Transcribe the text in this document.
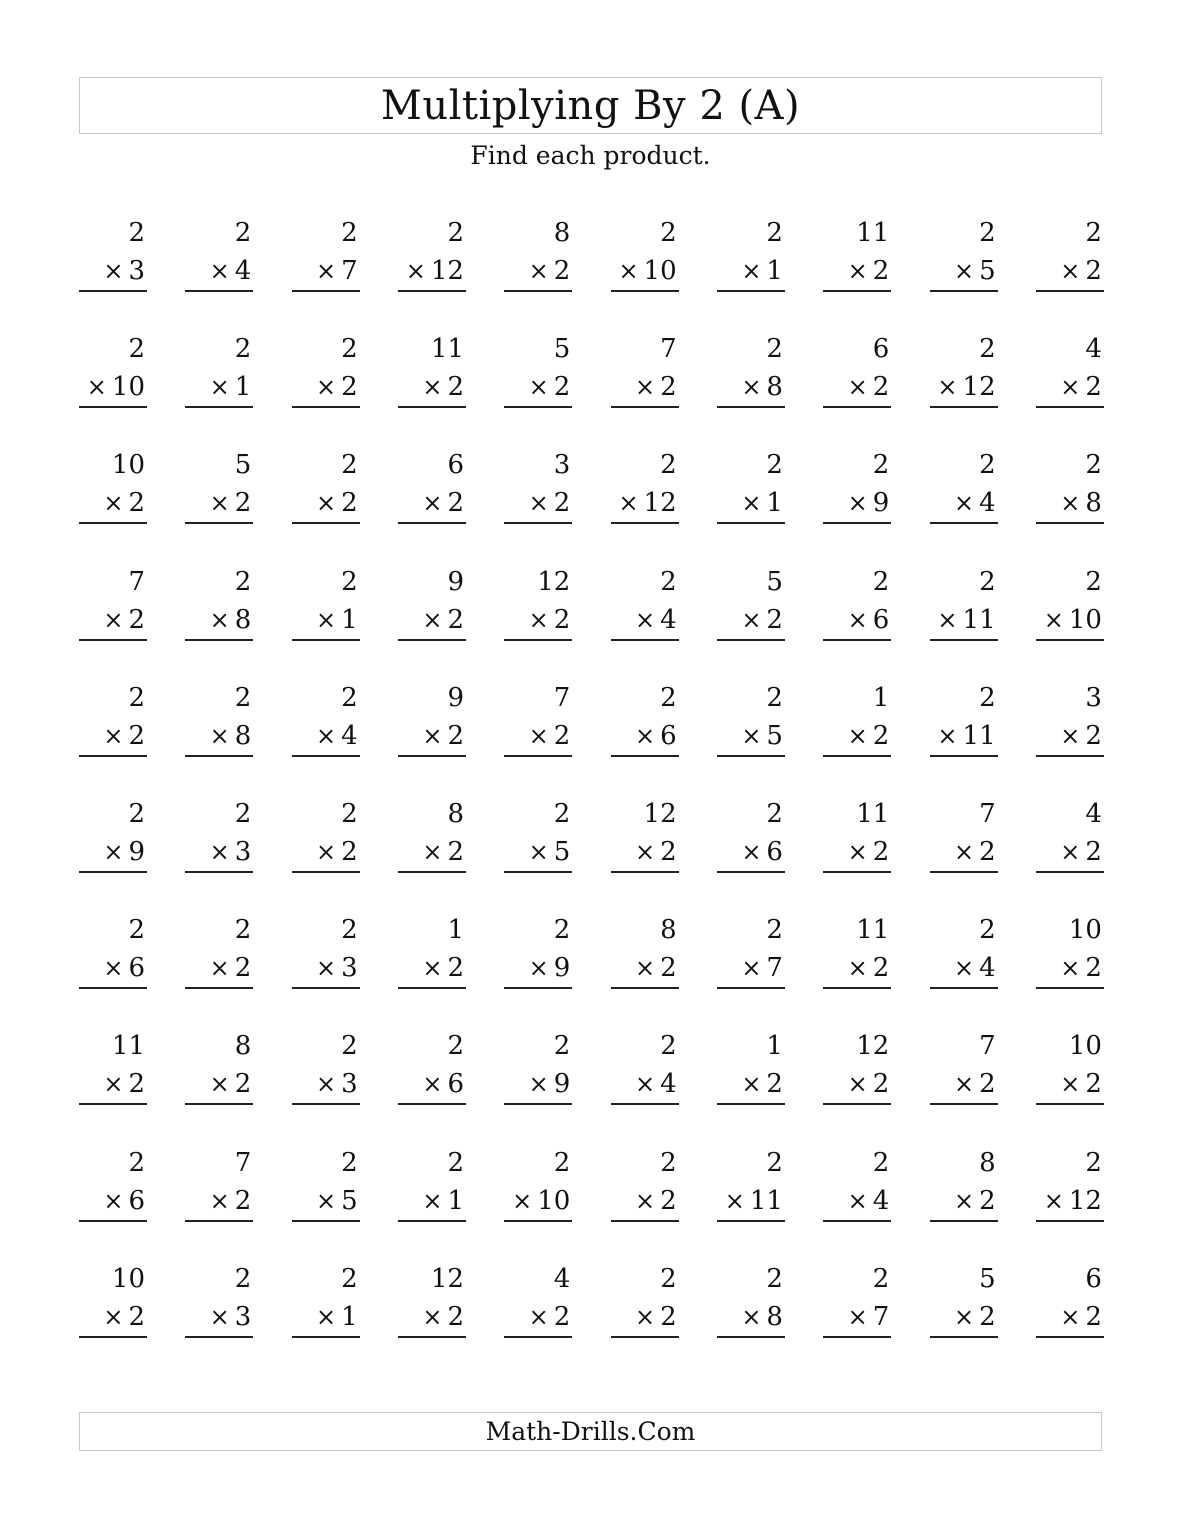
Multiplying By 2 (A)
Find each product.
2
× 3
2
× 4
2
× 7
2
× 12
8
× 2
2
× 10
2
× 1
11
× 2
2
× 5
2
× 2
2
× 10
2
× 1
2
× 2
11
× 2
5
× 2
7
× 2
2
× 8
6
× 2
2
× 12
4
× 2
10
× 2
5
× 2
2
× 2
6
× 2
3
× 2
2
× 12
2
× 1
2
× 9
2
× 4
2
× 8
7
× 2
2
× 8
2
× 1
9
× 2
12
× 2
2
× 4
5
× 2
2
× 6
2
× 11
2
× 10
2
× 2
2
× 8
2
× 4
9
× 2
7
× 2
2
× 6
2
× 5
1
× 2
2
× 11
3
× 2
2
× 9
2
× 3
2
× 2
8
× 2
2
× 5
12
× 2
2
× 6
11
× 2
7
× 2
4
× 2
2
× 6
2
× 2
2
× 3
1
× 2
2
× 9
8
× 2
2
× 7
11
× 2
2
× 4
10
× 2
11
× 2
8
× 2
2
× 3
2
× 6
2
× 9
2
× 4
1
× 2
12
× 2
7
× 2
10
× 2
2
× 6
7
× 2
2
× 5
2
× 1
2
× 10
2
× 2
2
× 11
2
× 4
8
× 2
2
× 12
10
× 2
2
× 3
2
× 1
12
× 2
4
× 2
2
× 2
2
× 8
2
× 7
5
× 2
6
× 2
Math-Drills.Com
